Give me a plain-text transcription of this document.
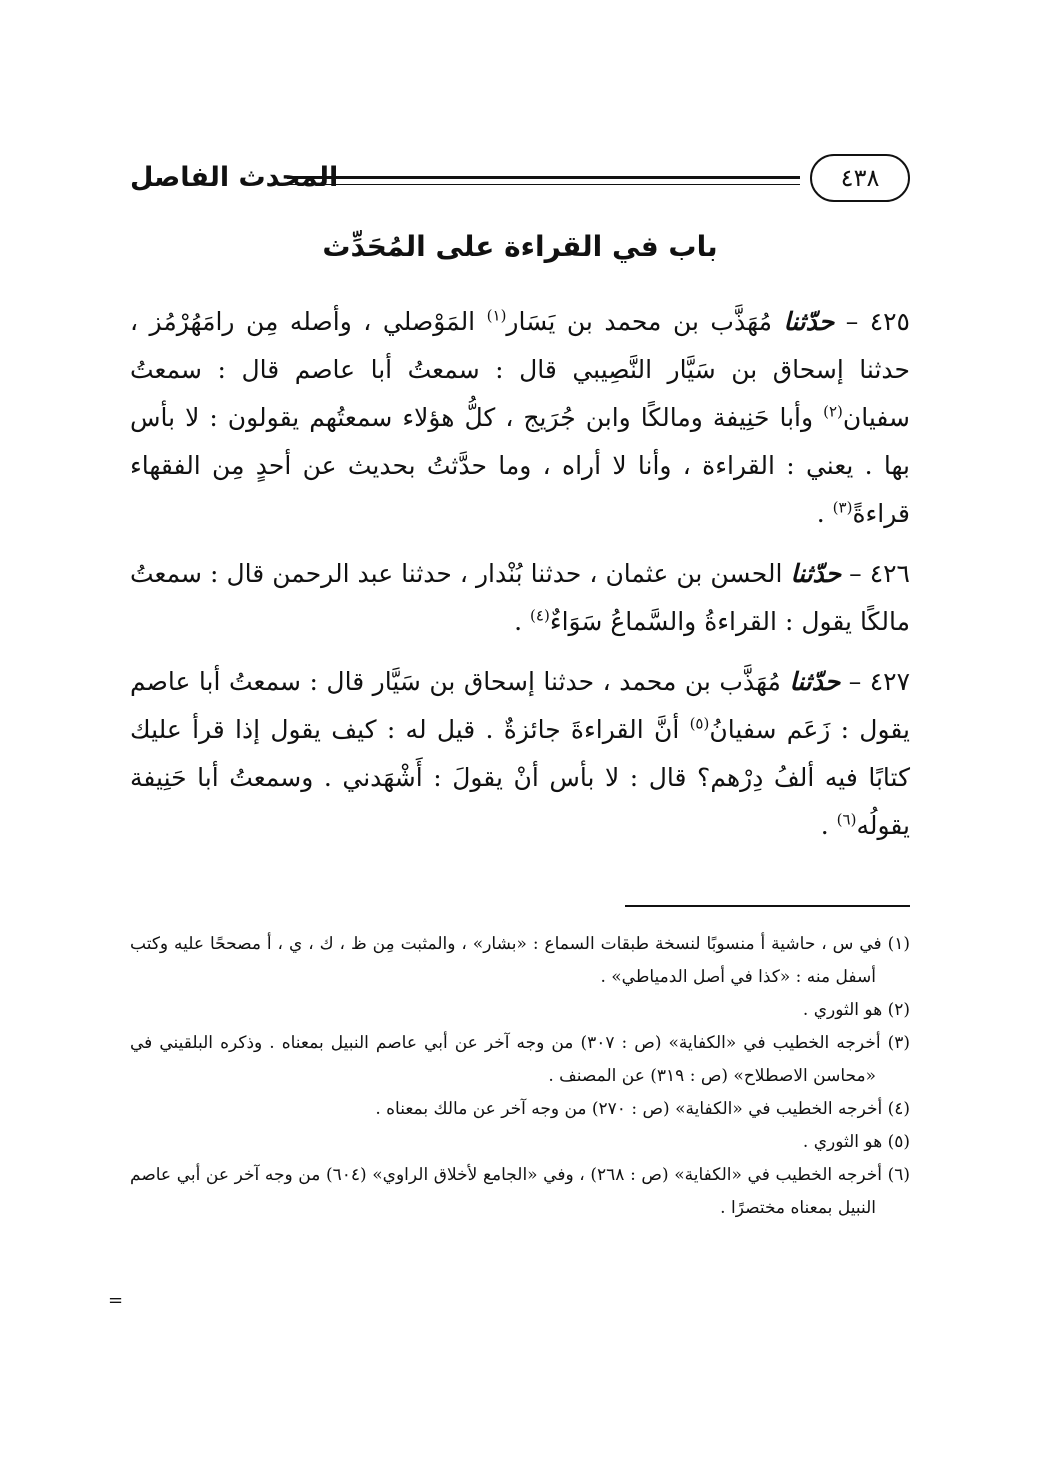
المحدث الفاصل	٤٣٨
باب في القراءة على المُحَدِّث

٤٢٥ – حدّثنا مُهَذَّب بن محمد بن يَسَار$^{(١)}$ المَوْصلي ، وأصله مِن رامَهُرْمُز ، حدثنا إسحاق بن سَيَّار النَّصِيبي قال : سمعتُ أبا عاصم قال : سمعتُ سفيان$^{(٢)}$ وأبا حَنِيفة ومالكًا وابن جُرَيج ، كلُّ هؤلاء سمعتُهم يقولون : لا بأس بها . يعني : القراءة ، وأنا لا أراه ، وما حدَّثتُ بحديث عن أحدٍ مِن الفقهاء قراءةً$^{(٣)}$ .

٤٢٦ – حدّثنا الحسن بن عثمان ، حدثنا بُنْدار ، حدثنا عبد الرحمن قال : سمعتُ مالكًا يقول : القراءةُ والسَّماعُ سَوَاءٌ$^{(٤)}$ .

٤٢٧ – حدّثنا مُهَذَّب بن محمد ، حدثنا إسحاق بن سَيَّار قال : سمعتُ أبا عاصم يقول : زَعَم سفيانُ$^{(٥)}$ أنَّ القراءةَ جائزةٌ . قيل له : كيف يقول إذا قرأ عليك كتابًا فيه ألفُ دِرْهم؟ قال : لا بأس أنْ يقولَ : أَشْهَدني . وسمعتُ أبا حَنِيفة يقولُه$^{(٦)}$ .

(١) في س ، حاشية أ منسوبًا لنسخة طبقات السماع : «بشار» ، والمثبت مِن ظ ، ك ، ي ، أ مصححًا عليه وكتب أسفل منه : «كذا في أصل الدمياطي» .

(٢) هو الثوري .

(٣) أخرجه الخطيب في «الكفاية» (ص : ٣٠٧) من وجه آخر عن أبي عاصم النبيل بمعناه . وذكره البلقيني في «محاسن الاصطلاح» (ص : ٣١٩) عن المصنف .

(٤) أخرجه الخطيب في «الكفاية» (ص : ٢٧٠) من وجه آخر عن مالك بمعناه .

(٥) هو الثوري .

(٦) أخرجه الخطيب في «الكفاية» (ص : ٢٦٨) ، وفي «الجامع لأخلاق الراوي» (٦٠٤) من وجه آخر عن أبي عاصم النبيل بمعناه مختصرًا .

=
